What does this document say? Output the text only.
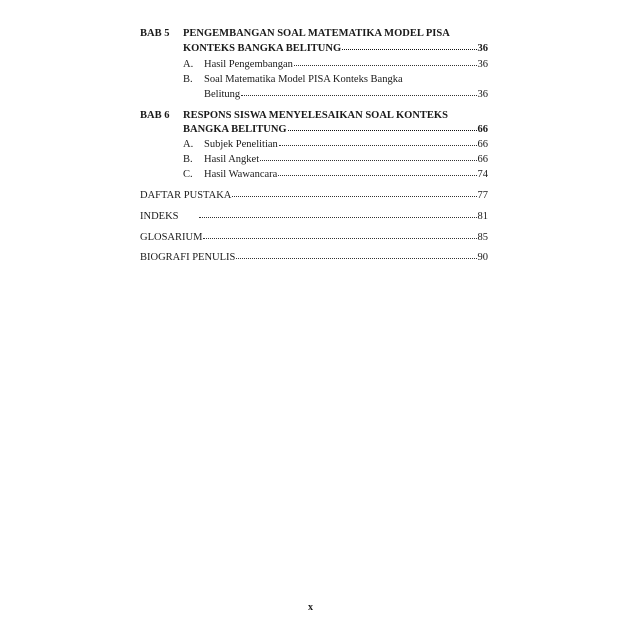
BAB 5 PENGEMBANGAN SOAL MATEMATIKA MODEL PISA
KONTEKS BANGKA BELITUNG	36
A. Hasil Pengembangan	36
B. Soal Matematika Model PISA Konteks Bangka
Belitung	36
BAB 6 RESPONS SISWA MENYELESAIKAN SOAL KONTEKS
BANGKA BELITUNG	66
A. Subjek Penelitian	66
B. Hasil Angket	66
C. Hasil Wawancara	74
DAFTAR PUSTAKA	77
INDEKS	81
GLOSARIUM	85
BIOGRAFI PENULIS	90
x
